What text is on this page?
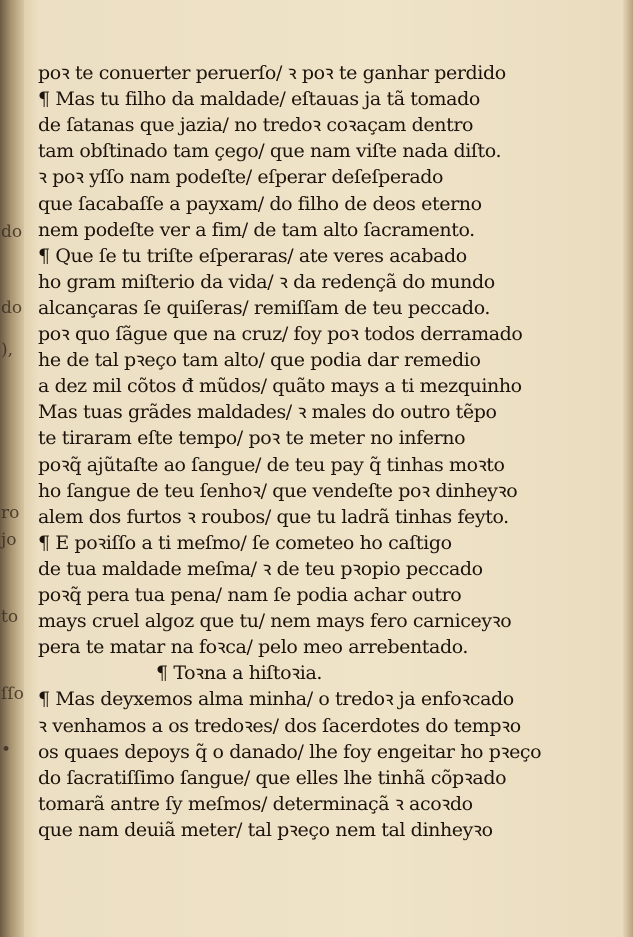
do
do
),
ro
jo
to
ſſo
•
poꝛ te conuerter peruerſo/ ꝛ poꝛ te ganhar perdido
¶ Mas tu filho da maldade/ eſtauas ja tã tomado
de ſatanas que jazia/ no tredoꝛ coꝛaçam dentro
tam obſtinado tam çego/ que nam viſte nada diſto.
ꝛ poꝛ yſſo nam podeſte/ eſperar deſeſperado
que ſacabaſſe a payxam/ do filho de deos eterno
nem podeſte ver a fim/ de tam alto ſacramento.
¶ Que ſe tu triſte eſperaras/ ate veres acabado
ho gram miſterio da vida/ ꝛ da redençã do mundo
alcançaras ſe quiſeras/ remiſſam de teu peccado.
poꝛ quo ſãgue que na cruz/ foy poꝛ todos derramado
he de tal pꝛeço tam alto/ que podia dar remedio
a dez mil cõtos đ mũdos/ quãto mays a ti mezquinho
Mas tuas grãdes maldades/ ꝛ males do outro tẽpo
te tiraram eſte tempo/ poꝛ te meter no inferno
poꝛq̃ ajũtaſte ao ſangue/ de teu pay q̃ tinhas moꝛto
ho ſangue de teu ſenhoꝛ/ que vendeſte poꝛ dinheyꝛo
alem dos furtos ꝛ roubos/ que tu ladrã tinhas feyto.
¶ E poꝛiſſo a ti meſmo/ ſe cometeo ho caſtigo
de tua maldade meſma/ ꝛ de teu pꝛopio peccado
poꝛq̃ pera tua pena/ nam ſe podia achar outro
mays cruel algoz que tu/ nem mays fero carniceyꝛo
pera te matar na foꝛca/ pelo meo arrebentado.
¶ Toꝛna a hiſtoꝛia.
¶ Mas deyxemos alma minha/ o tredoꝛ ja enfoꝛcado
ꝛ venhamos a os tredoꝛes/ dos ſacerdotes do tempꝛo
os quaes depoys q̃ o danado/ lhe foy engeitar ho pꝛeço
do ſacratiſſimo ſangue/ que elles lhe tinhã cõpꝛado
tomarã antre ſy meſmos/ determinaçã ꝛ acoꝛdo
que nam deuiã meter/ tal pꝛeço nem tal dinheyꝛo
